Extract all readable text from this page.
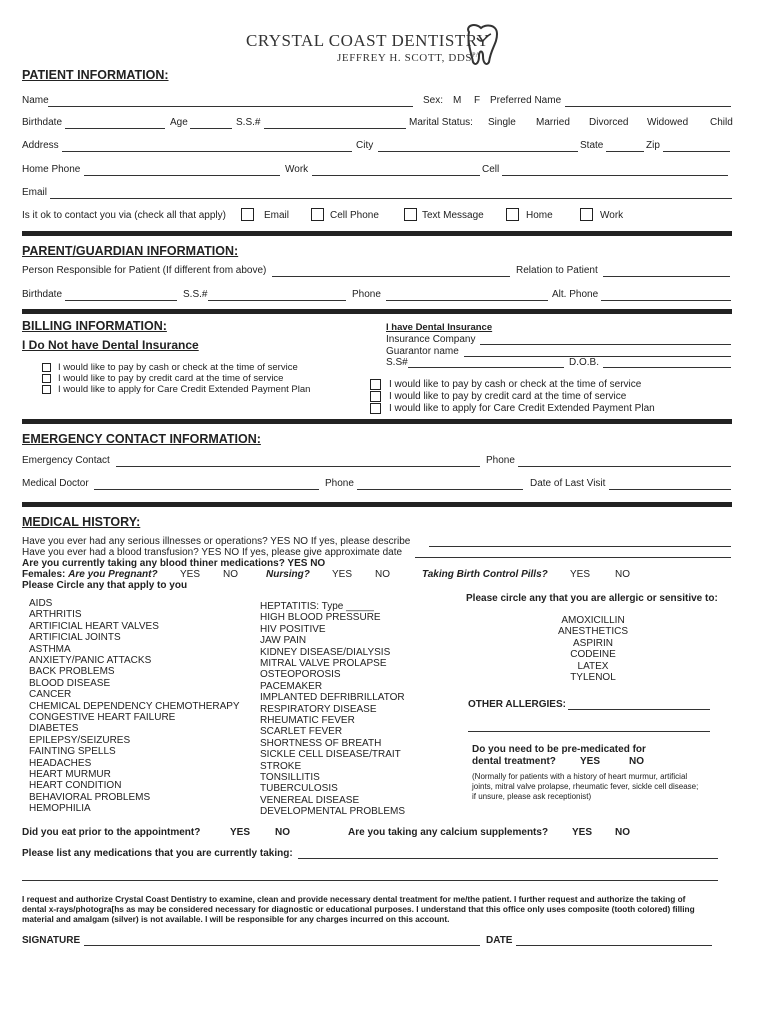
CRYSTAL COAST DENTISTRY
JEFFREY H. SCOTT, $DDS^{PA}$
PATIENT INFORMATION:
Name	Sex: M F Preferred Name
Birthdate	Age	S.S.#	Marital Status: Single Married Divorced Widowed Child
Address	City	State	Zip
Home Phone	Work	Cell
Email
Is it ok to contact you via (check all that apply)	Email	Cell Phone	Text Message	Home	Work
PARENT/GUARDIAN INFORMATION:
Person Responsible for Patient (If different from above)	Relation to Patient
Birthdate	S.S.#	Phone	Alt. Phone
BILLING INFORMATION:
I Do Not have Dental Insurance
I would like to pay by cash or check at the time of service
I would like to pay by credit card at the time of service
I would like to apply for Care Credit Extended Payment Plan
I have Dental Insurance
Insurance Company
Guarantor name
S.S#	D.O.B.
I would like to pay by cash or check at the time of service
I would like to pay by credit card at the time of service
I would like to apply for Care Credit Extended Payment Plan
EMERGENCY CONTACT INFORMATION:
Emergency Contact	Phone
Medical Doctor	Phone	Date of Last Visit
MEDICAL HISTORY:
Have you ever had any serious illnesses or operations? YES NO If yes, please describe
Have you ever had a blood transfusion? YES NO If yes, please give approximate date
Are you currently taking any blood thiner medications? YES NO
Females: Are you Pregnant? YES NO	Nursing? YES NO	Taking Birth Control Pills? YES NO
Please Circle any that apply to you
AIDS
ARTHRITIS
ARTIFICIAL HEART VALVES
ARTIFICIAL JOINTS
ASTHMA
ANXIETY/PANIC ATTACKS
BACK PROBLEMS
BLOOD DISEASE
CANCER
CHEMICAL DEPENDENCY CHEMOTHERAPY
CONGESTIVE HEART FAILURE
DIABETES
EPILEPSY/SEIZURES
FAINTING SPELLS
HEADACHES
HEART MURMUR
HEART CONDITION
BEHAVIORAL PROBLEMS
HEMOPHILIA
HEPTATITIS: Type _____
HIGH BLOOD PRESSURE
HIV POSITIVE
JAW PAIN
KIDNEY DISEASE/DIALYSIS
MITRAL VALVE PROLAPSE
OSTEOPOROSIS
PACEMAKER
IMPLANTED DEFRIBRILLATOR
RESPIRATORY DISEASE
RHEUMATIC FEVER
SCARLET FEVER
SHORTNESS OF BREATH
SICKLE CELL DISEASE/TRAIT
STROKE
TONSILLITIS
TUBERCULOSIS
VENEREAL DISEASE
DEVELOPMENTAL PROBLEMS
Please circle any that you are allergic or sensitive to:
AMOXICILLIN
ANESTHETICS
ASPIRIN
CODEINE
LATEX
TYLENOL
OTHER ALLERGIES:
Do you need to be pre-medicated for
dental treatment? YES	NO
(Normally for patients with a history of heart murmur, artificial
joints, mitral valve prolapse, rheumatic fever, sickle cell disease;
if unsure, please ask receptionist)
Did you eat prior to the appointment?	YES NO	Are you taking any calcium supplements? YES NO
Please list any medications that you are currently taking:
I request and authorize Crystal Coast Dentistry to examine, clean and provide necessary dental treatment for me/the patient. I further request and authorize the taking of
dental x-rays/photogra[hs as may be considered necessary for diagnostic or educational purposes. I understand that this office only uses composite (tooth colored) filling
material and amalgam (silver) is not available. I will be responsible for any charges incurred on this account.
SIGNATURE	DATE
